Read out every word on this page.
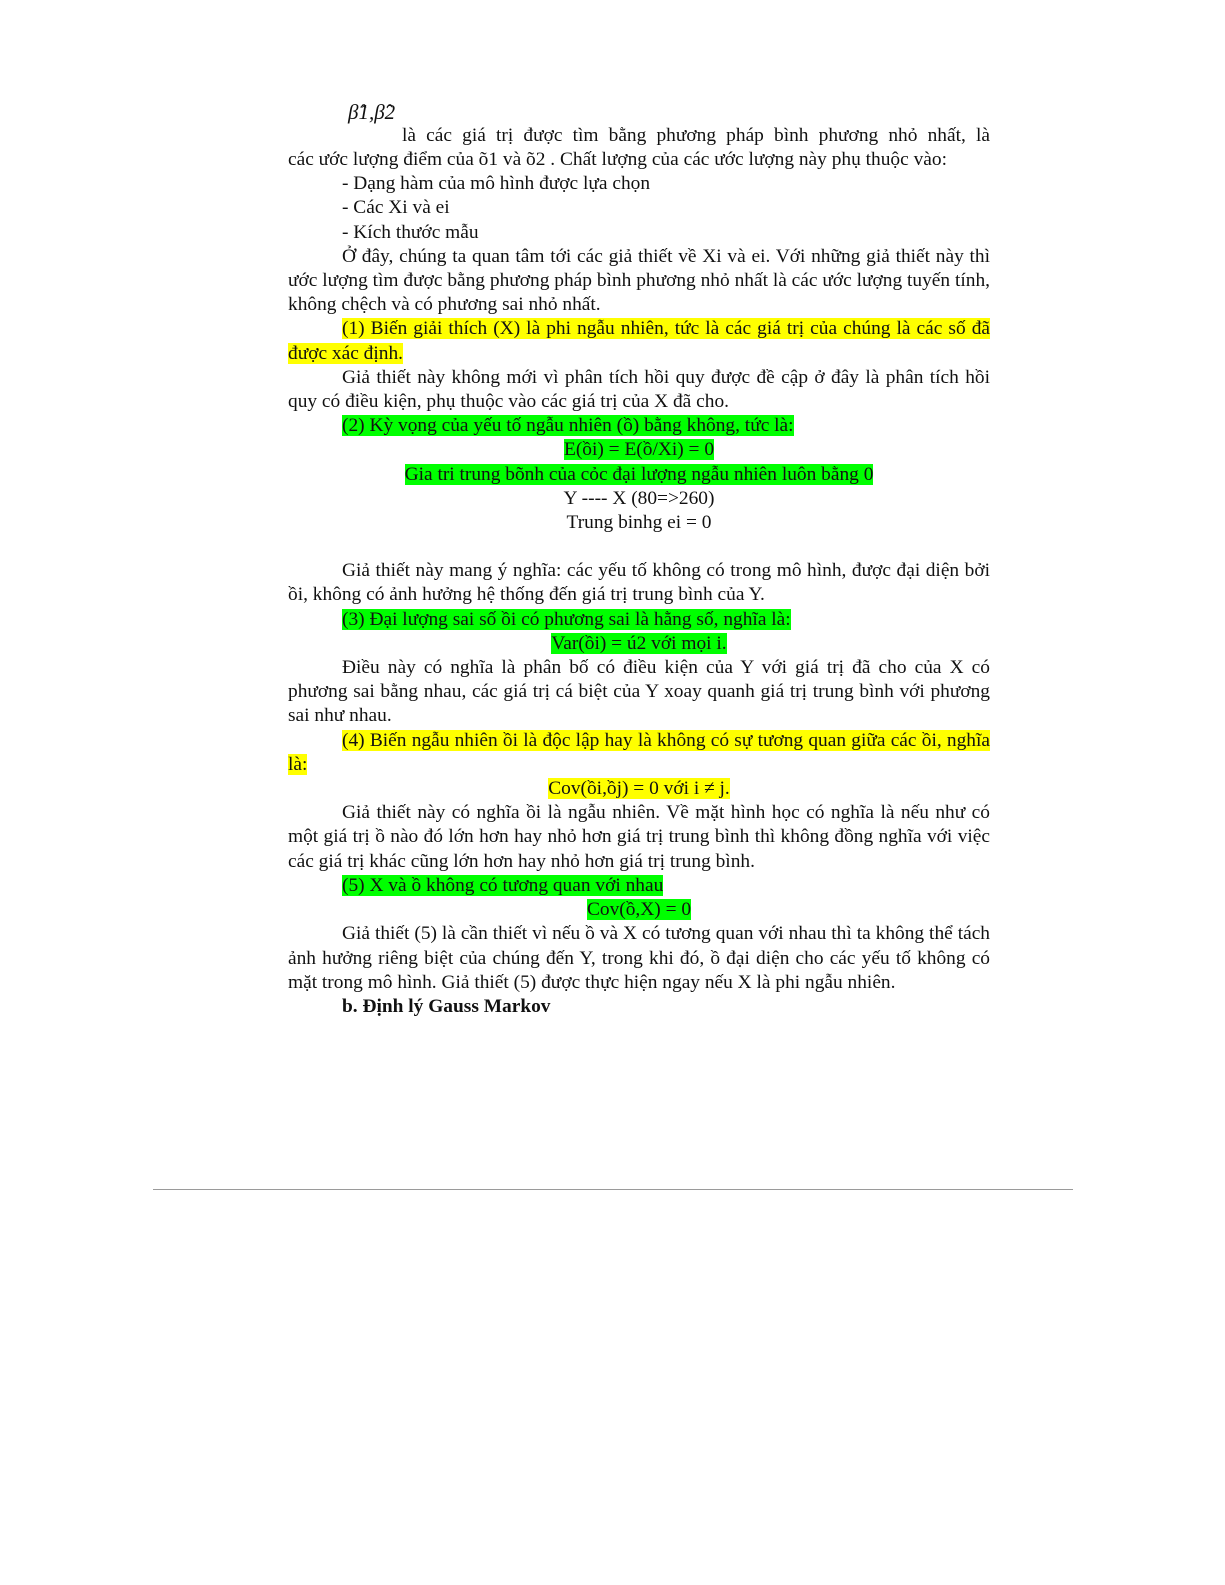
β̂1,β̂2
là các giá trị được tìm bằng phương pháp bình phương nhỏ nhất, là

các ước lượng điểm của õ1 và õ2 . Chất lượng của các ước lượng này phụ thuộc vào:

- Dạng hàm của mô hình được lựa chọn

- Các Xi và ei

- Kích thước mẫu

Ở đây, chúng ta quan tâm tới các giả thiết về Xi và ei. Với những giả thiết này thì ước lượng tìm được bằng phương pháp bình phương nhỏ nhất là các ước lượng tuyến tính, không chệch và có phương sai nhỏ nhất.

(1) Biến giải thích (X) là phi ngẫu nhiên, tức là các giá trị của chúng là các số đã được xác định.

Giả thiết này không mới vì phân tích hồi quy được đề cập ở đây là phân tích hồi quy có điều kiện, phụ thuộc vào các giá trị của X đã cho.

(2) Kỳ vọng của yếu tố ngẫu nhiên (ồ) bằng không, tức là:

E(ồi) = E(ồ/Xi) = 0

Gia tri trung bõnh của cỏc đại lượng ngẫu nhiên luôn bằng 0

Y ---- X (80=>260)

Trung binhg ei = 0

Giả thiết này mang ý nghĩa: các yếu tố không có trong mô hình, được đại diện bởi ồi, không có ảnh hưởng hệ thống đến giá trị trung bình của Y.

(3) Đại lượng sai số ồi có phương sai là hằng số, nghĩa là:

Var(ồi) = ú2 với mọi i.

Điều này có nghĩa là phân bố có điều kiện của Y với giá trị đã cho của X có phương sai bằng nhau, các giá trị cá biệt của Y xoay quanh giá trị trung bình với phương sai như nhau.

(4) Biến ngẫu nhiên ồi là độc lập hay là không có sự tương quan giữa các ồi, nghĩa là:

Cov(ồi,ồj) = 0 với i ≠ j.

Giả thiết này có nghĩa ồi là ngẫu nhiên. Về mặt hình học có nghĩa là nếu như có một giá trị ồ nào đó lớn hơn hay nhỏ hơn giá trị trung bình thì không đồng nghĩa với việc các giá trị khác cũng lớn hơn hay nhỏ hơn giá trị trung bình.

(5) X và ồ không có tương quan với nhau

Cov(ồ,X) = 0

Giả thiết (5) là cần thiết vì nếu ồ và X có tương quan với nhau thì ta không thể tách ảnh hưởng riêng biệt của chúng đến Y, trong khi đó, ồ đại diện cho các yếu tố không có mặt trong mô hình. Giả thiết (5) được thực hiện ngay nếu X là phi ngẫu nhiên.

b. Định lý Gauss Markov
